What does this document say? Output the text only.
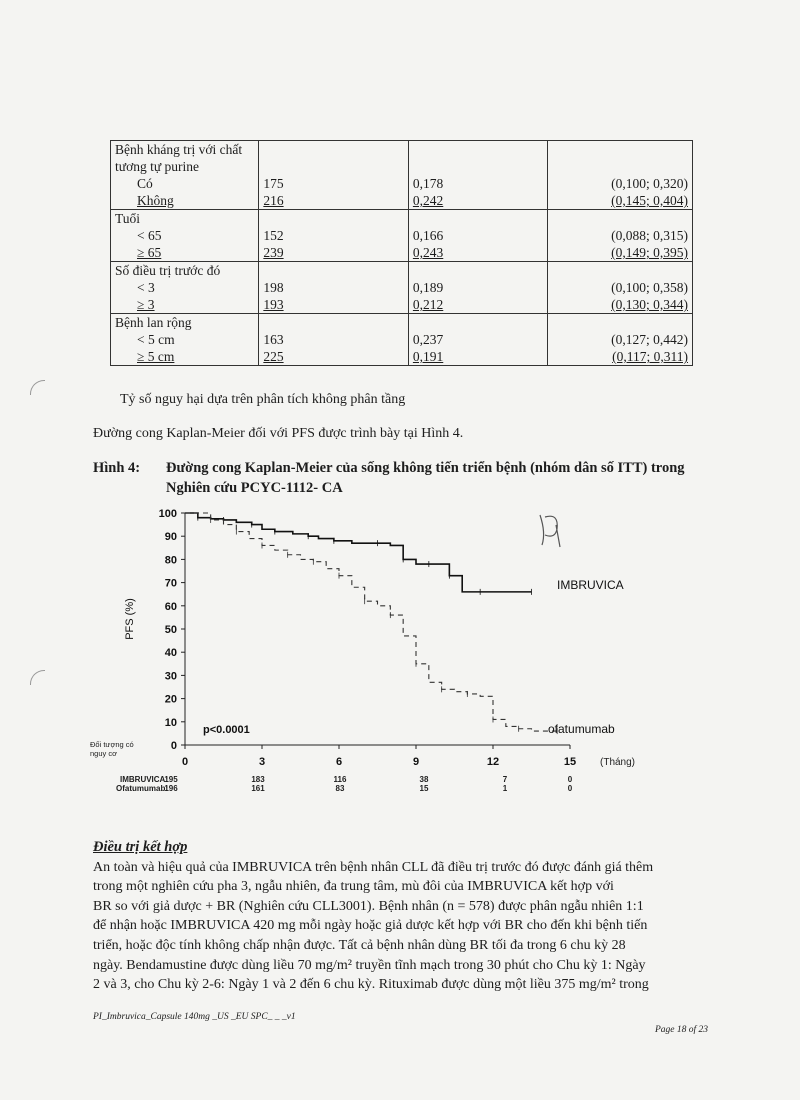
Bệnh kháng trị với chất tương tự purine			

Có	175	0,178	(0,100; 0,320)

Không	216	0,242	(0,145; 0,404)
Tuổi			

< 65	152	0,166	(0,088; 0,315)

≥ 65	239	0,243	(0,149; 0,395)
Số điều trị trước đó			

< 3	198	0,189	(0,100; 0,358)

≥ 3	193	0,212	(0,130; 0,344)
Bệnh lan rộng			

< 5 cm	163	0,237	(0,127; 0,442)

≥ 5 cm	225	0,191	(0,117; 0,311)
Tỷ số nguy hại dựa trên phân tích không phân tầng
Đường cong Kaplan-Meier đối với PFS được trình bày tại Hình 4.
Hình 4:	Đường cong Kaplan-Meier của sống không tiến triển bệnh (nhóm dân số ITT) trong Nghiên cứu PCYC-1112- CA
0
10
20
30
40
50
60
70
80
90
100
0	3	6	9	12	15
PFS (%)
(Tháng)
p<0.0001
IMBRUVICA
ofatumumab
Đối tượng có nguy cơ
IMBRUVICA:
195	183	116	38	7	0
Ofatumumab:
196	161	83	15	1	0
Điều trị kết hợp
An toàn và hiệu quả của IMBRUVICA trên bệnh nhân CLL đã điều trị trước đó được đánh giá thêm
trong một nghiên cứu pha 3, ngẫu nhiên, đa trung tâm, mù đôi của IMBRUVICA kết hợp với
BR so với giả dược + BR (Nghiên cứu CLL3001). Bệnh nhân (n = 578) được phân ngẫu nhiên 1:1
để nhận hoặc IMBRUVICA 420 mg mỗi ngày hoặc giả dược kết hợp với BR cho đến khi bệnh tiến
triển, hoặc độc tính không chấp nhận được. Tất cả bệnh nhân dùng BR tối đa trong 6 chu kỳ 28
ngày. Bendamustine được dùng liều 70 mg/m² truyền tĩnh mạch trong 30 phút cho Chu kỳ 1: Ngày
2 và 3, cho Chu kỳ 2-6: Ngày 1 và 2 đến 6 chu kỳ. Rituximab được dùng một liều 375 mg/m² trong
PI_Imbruvica_Capsule 140mg _US _EU SPC_ _ _v1
Page 18 of 23
